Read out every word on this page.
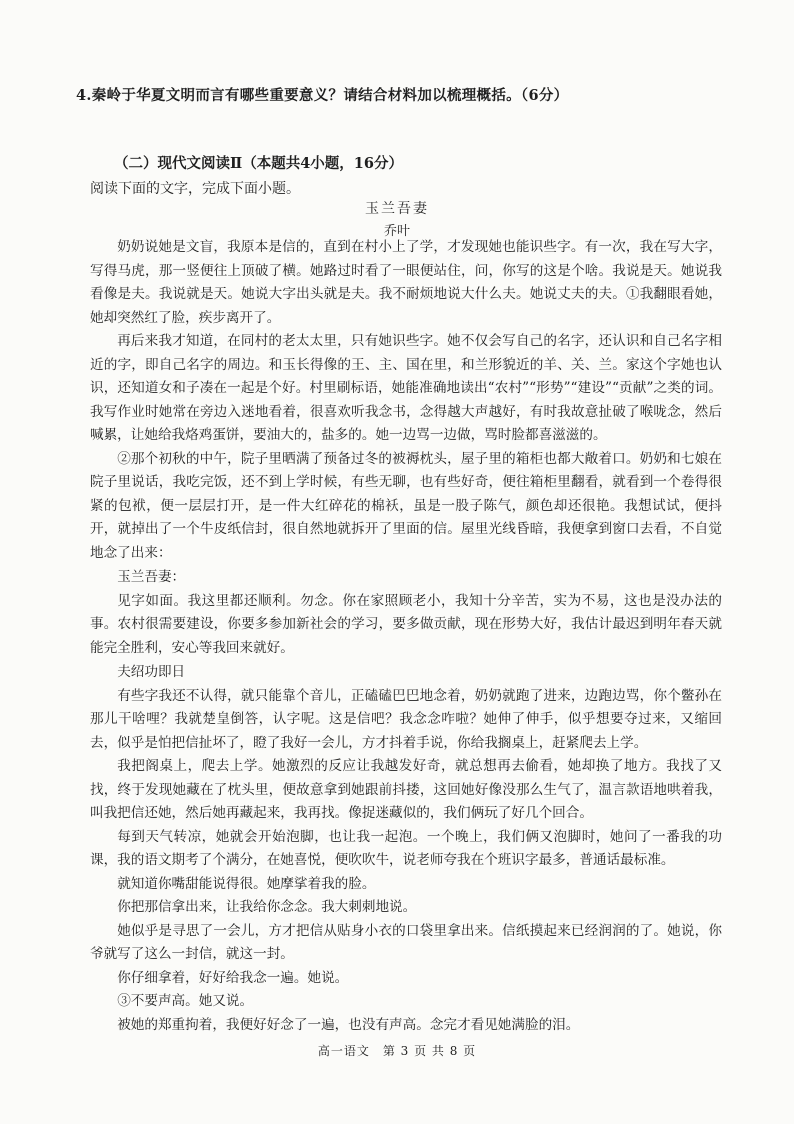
4.秦岭于华夏文明而言有哪些重要意义？请结合材料加以梳理概括。（6分）
（二）现代文阅读Ⅱ（本题共4小题，16分）
阅读下面的文字，完成下面小题。
玉兰吾妻
乔叶

奶奶说她是文盲，我原本是信的，直到在村小上了学，才发现她也能识些字。有一次，我在写大字，写得马虎，那一竖便往上顶破了横。她路过时看了一眼便站住，问，你写的这是个啥。我说是天。她说我看像是夫。我说就是天。她说大字出头就是夫。我不耐烦地说大什么夫。她说丈夫的夫。①我翻眼看她，她却突然红了脸，疾步离开了。

再后来我才知道，在同村的老太太里，只有她识些字。她不仅会写自己的名字，还认识和自己名字相近的字，即自己名字的周边。和玉长得像的王、主、国在里，和兰形貌近的羊、关、兰。家这个字她也认识，还知道女和子凑在一起是个好。村里刷标语，她能准确地读出“农村”“形势”“建设”“贡献”之类的词。我写作业时她常在旁边入迷地看着，很喜欢听我念书，念得越大声越好，有时我故意扯破了喉咙念，然后喊累，让她给我烙鸡蛋饼，要油大的，盐多的。她一边骂一边做，骂时脸都喜滋滋的。

②那个初秋的中午，院子里晒满了预备过冬的被褥枕头，屋子里的箱柜也都大敞着口。奶奶和七娘在院子里说话，我吃完饭，还不到上学时候，有些无聊，也有些好奇，便往箱柜里翻看，就看到一个卷得很紧的包袱，便一层层打开，是一件大红碎花的棉袄，虽是一股子陈气，颜色却还很艳。我想试试，便抖开，就掉出了一个牛皮纸信封，很自然地就拆开了里面的信。屋里光线昏暗，我便拿到窗口去看，不自觉地念了出来：

玉兰吾妻：

见字如面。我这里都还顺利。勿念。你在家照顾老小，我知十分辛苦，实为不易，这也是没办法的事。农村很需要建设，你要多参加新社会的学习，要多做贡献，现在形势大好，我估计最迟到明年春天就能完全胜利，安心等我回来就好。

夫绍功即日

有些字我还不认得，就只能靠个音儿，正磕磕巴巴地念着，奶奶就跑了进来，边跑边骂，你个鳖孙在那儿干啥哩？我就楚皇倒答，认字呢。这是信吧？我念念咋啦？她伸了伸手，似乎想要夺过来，又缩回去，似乎是怕把信扯坏了，瞪了我好一会儿，方才抖着手说，你给我搁桌上，赶紧爬去上学。

我把阁桌上，爬去上学。她激烈的反应让我越发好奇，就总想再去偷看，她却换了地方。我找了又找，终于发现她藏在了枕头里，便故意拿到她跟前抖搂，这回她好像没那么生气了，温言款语地哄着我，叫我把信还她，然后她再藏起来，我再找。像捉迷藏似的，我们俩玩了好几个回合。

每到天气转凉，她就会开始泡脚，也让我一起泡。一个晚上，我们俩又泡脚时，她问了一番我的功课，我的语文期考了个满分，在她喜悦，便吹吹牛，说老师夸我在个班识字最多，普通话最标准。

就知道你嘴甜能说得很。她摩挲着我的脸。

你把那信拿出来，让我给你念念。我大刺刺地说。

她似乎是寻思了一会儿，方才把信从贴身小衣的口袋里拿出来。信纸摸起来已经润润的了。她说，你爷就写了这么一封信，就这一封。

你仔细拿着，好好给我念一遍。她说。

③不要声高。她又说。

被她的郑重拘着，我便好好念了一遍，也没有声高。念完才看见她满脸的泪。

高一语文　第 3 页 共 8 页
